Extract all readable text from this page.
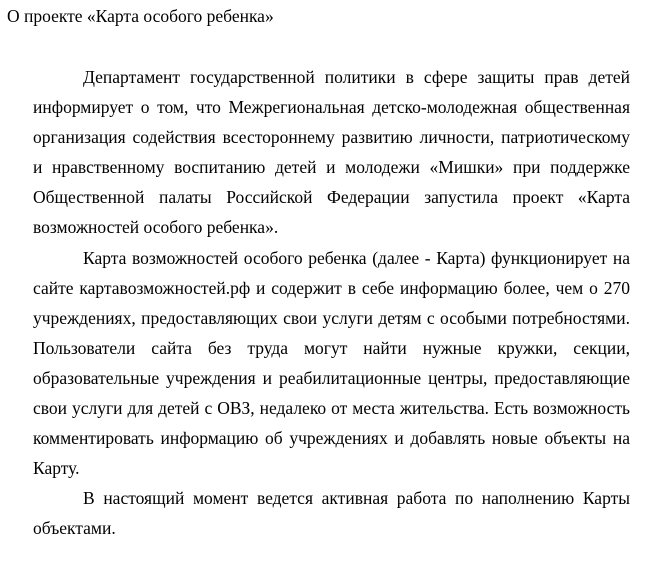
О проекте «Карта особого ребенка»

Департамент государственной политики в сфере защиты прав детей информирует о том, что Межрегиональная детско-молодежная общественная организация содействия всестороннему развитию личности, патриотическому и нравственному воспитанию детей и молодежи «Мишки» при поддержке Общественной палаты Российской Федерации запустила проект «Карта возможностей особого ребенка».

Карта возможностей особого ребенка (далее - Карта) функционирует на сайте картавозможностей.рф и содержит в себе информацию более, чем о 270 учреждениях, предоставляющих свои услуги детям с особыми потребностями. Пользователи сайта без труда могут найти нужные кружки, секции, образовательные учреждения и реабилитационные центры, предоставляющие свои услуги для детей с ОВЗ, недалеко от места жительства. Есть возможность комментировать информацию об учреждениях и добавлять новые объекты на Карту.

В настоящий момент ведется активная работа по наполнению Карты объектами.
